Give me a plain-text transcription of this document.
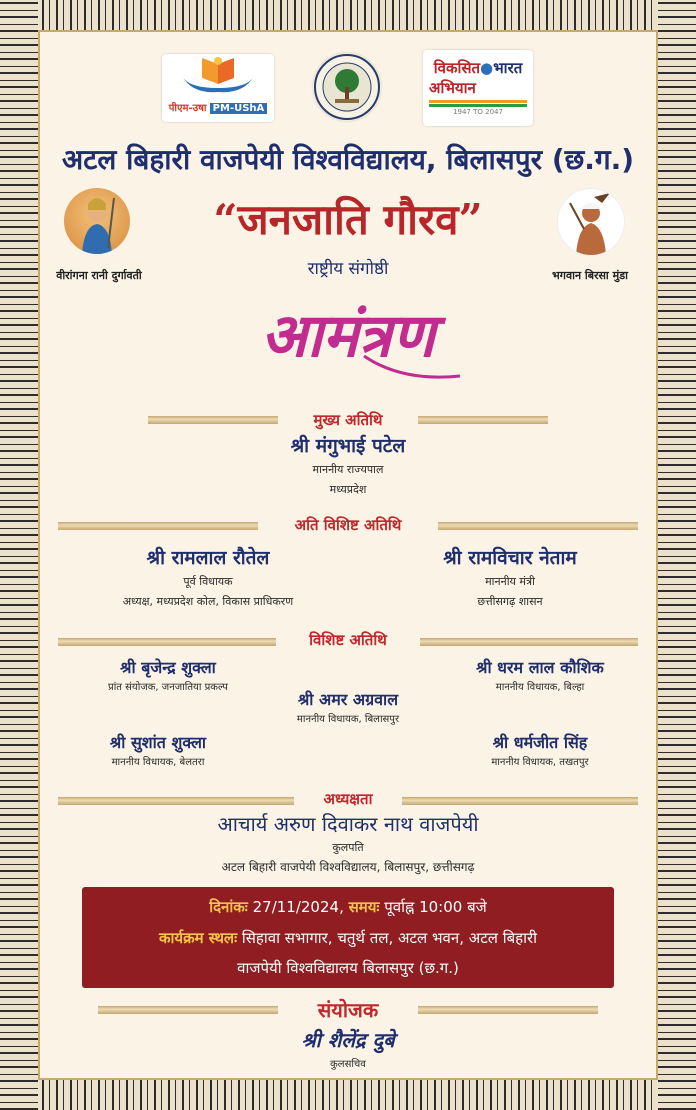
पीएम-उषा PM-UShA
विकसित●भारत
अभियान
1947 TO 2047
अटल बिहारी वाजपेयी विश्वविद्यालय, बिलासपुर (छ.ग.)
वीरांगना रानी दुर्गावती	भगवान बिरसा मुंडा
“जनजाति गौरव”
राष्ट्रीय संगोष्ठी
आमंत्रण
मुख्य अतिथि
श्री मंगुभाई पटेल
माननीय राज्यपाल
मध्यप्रदेश
अति विशिष्ट अतिथि
श्री रामलाल रौतेल
पूर्व विधायक
अध्यक्ष, मध्यप्रदेश कोल, विकास प्राधिकरण
श्री रामविचार नेताम
माननीय मंत्री
छत्तीसगढ़ शासन
विशिष्ट अतिथि
श्री बृजेन्द्र शुक्ला
प्रांत संयोजक, जनजातिया प्रकल्प
श्री धरम लाल कौशिक
माननीय विधायक, बिल्हा
श्री अमर अग्रवाल
माननीय विधायक, बिलासपुर
श्री सुशांत शुक्ला
माननीय विधायक, बेलतरा
श्री धर्मजीत सिंह
माननीय विधायक, तखतपुर
अध्यक्षता
आचार्य अरुण दिवाकर नाथ वाजपेयी
कुलपति
अटल बिहारी वाजपेयी विश्वविद्यालय, बिलासपुर, छत्तीसगढ़
दिनांकः 27/11/2024, समयः पूर्वाह्न 10:00 बजे
कार्यक्रम स्थलः सिहावा सभागार, चतुर्थ तल, अटल भवन, अटल बिहारी
वाजपेयी विश्वविद्यालय बिलासपुर (छ.ग.)
संयोजक
श्री शैलेंद्र दुबे
कुलसचिव
